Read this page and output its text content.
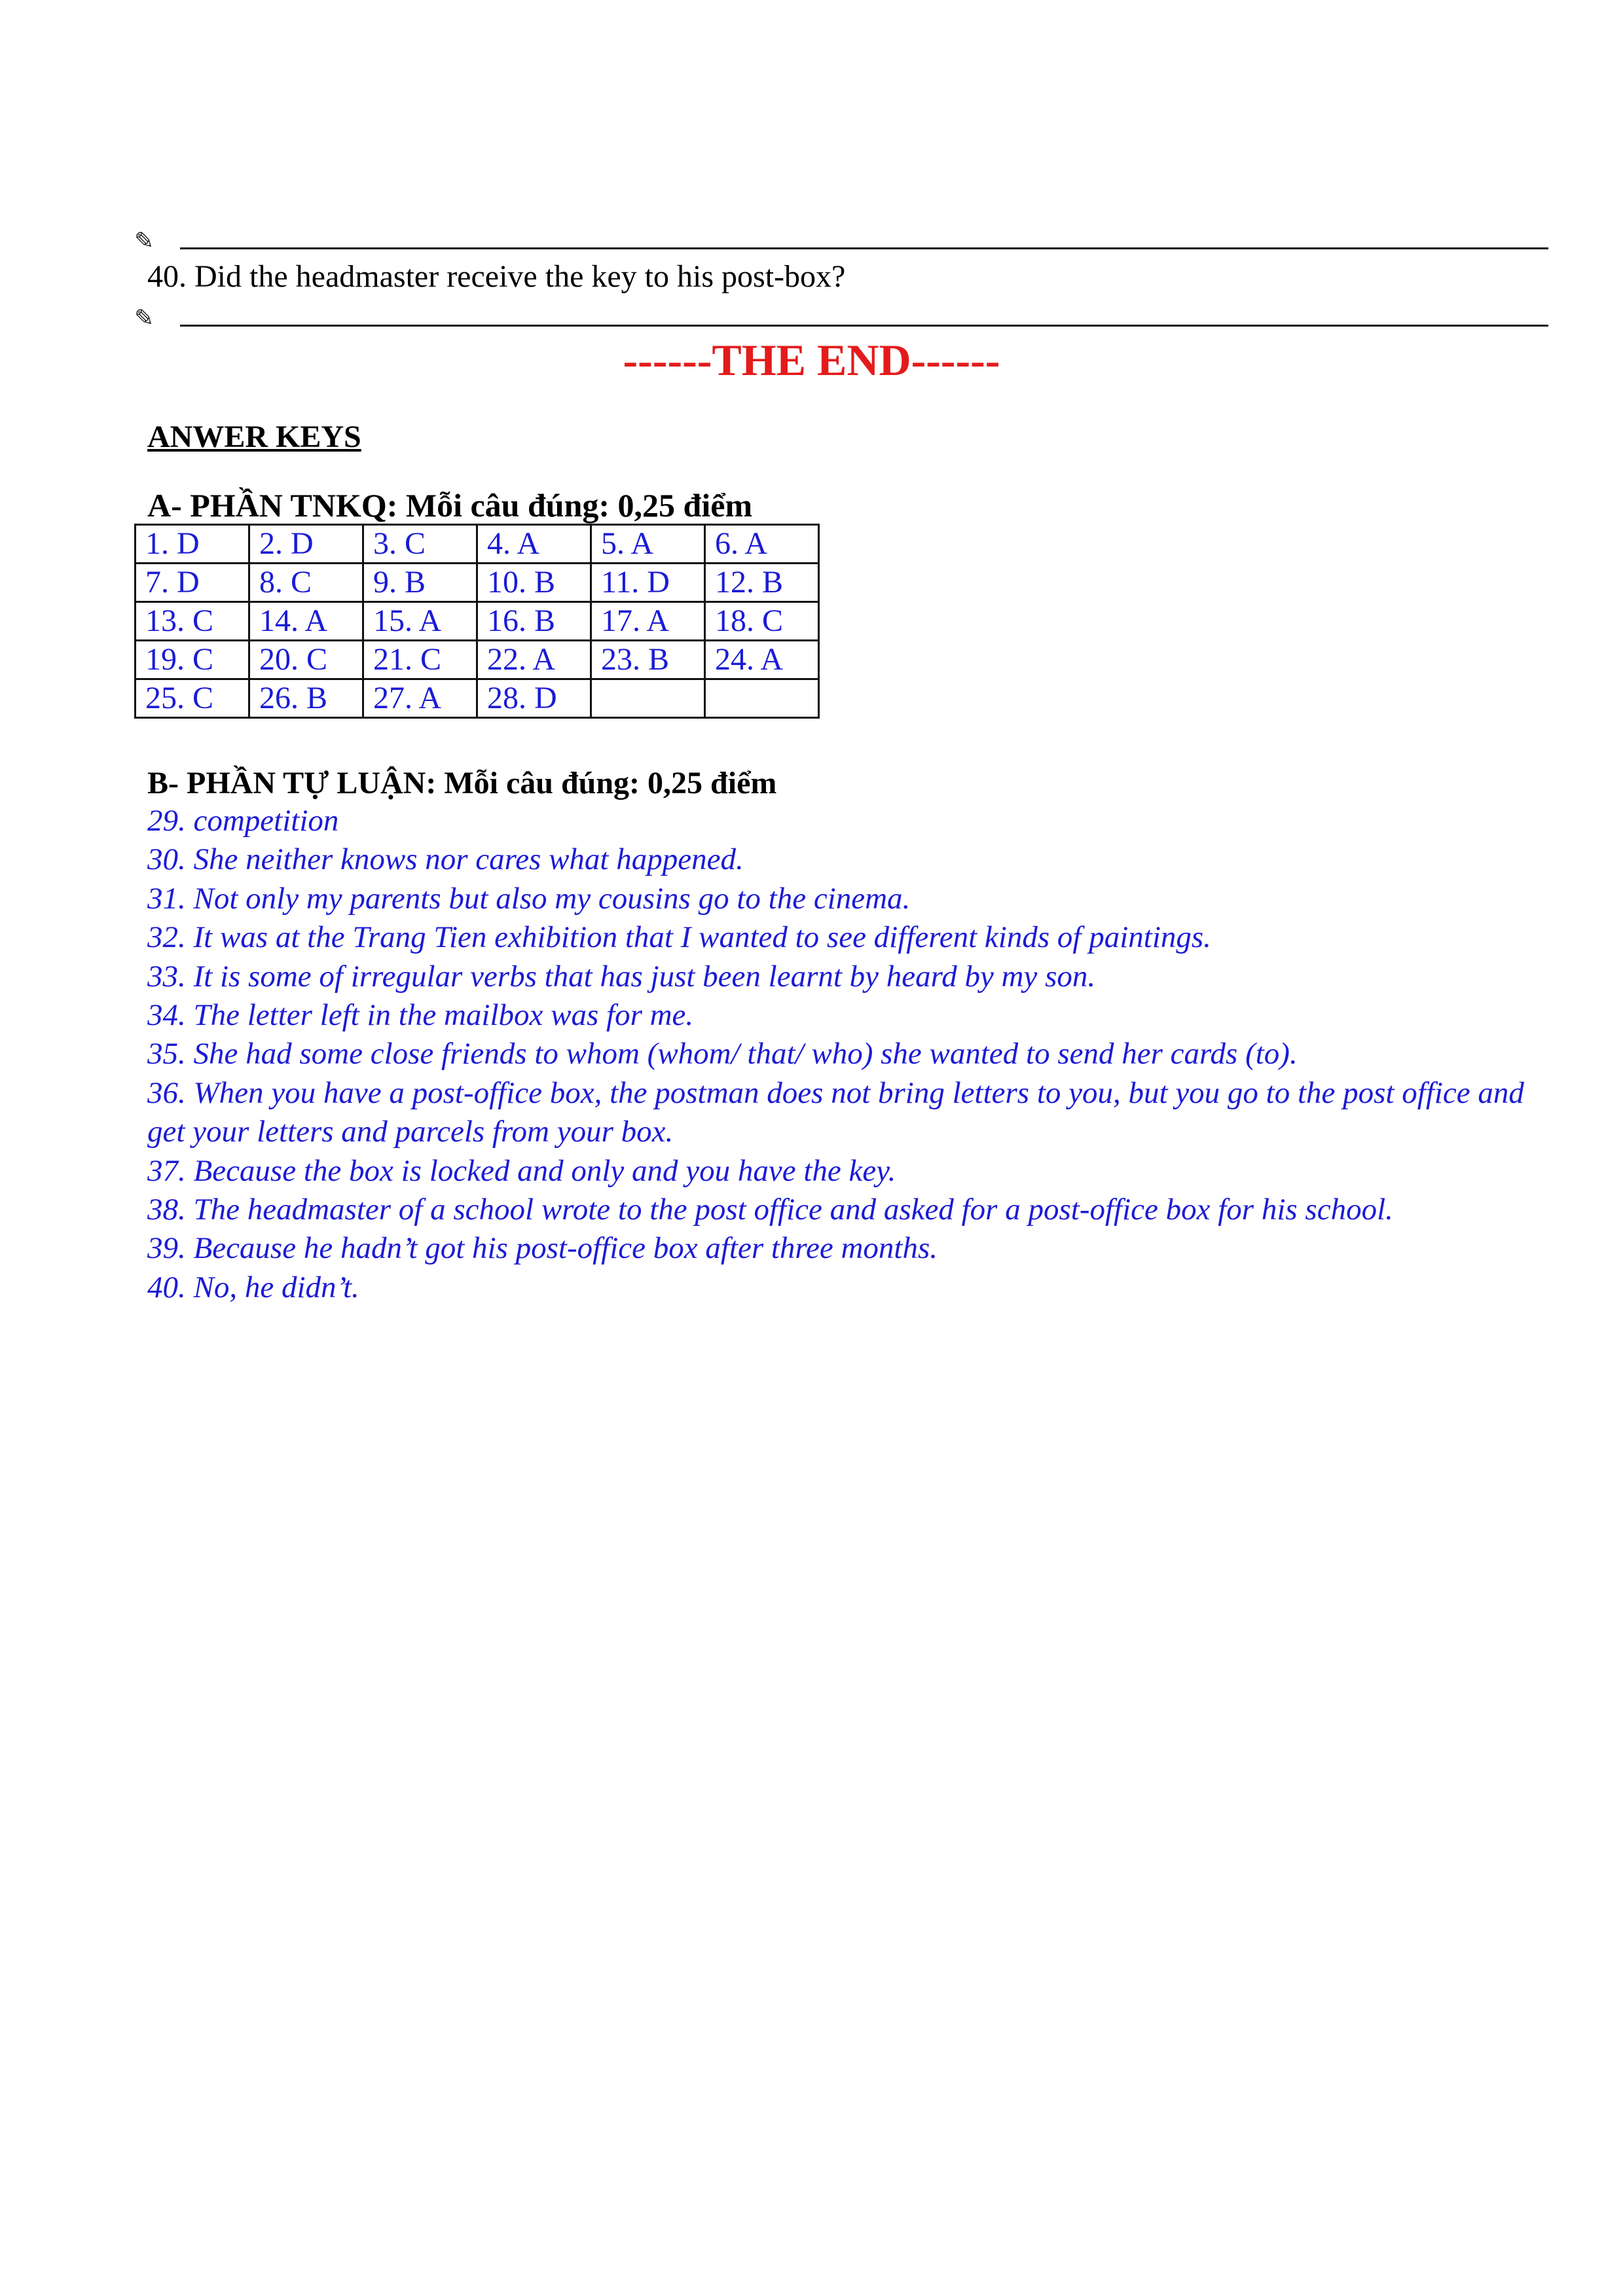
✎
40. Did the headmaster receive the key to his post-box?
✎
------THE END------
ANWER KEYS
A- PHẦN TNKQ: Mỗi câu đúng: 0,25 điểm
1. D	2. D	3. C	4. A	5. A	6. A
7. D	8. C	9. B	10. B	11. D	12. B
13. C	14. A	15. A	16. B	17. A	18. C
19. C	20. C	21. C	22. A	23. B	24. A
25. C	26. B	27. A	28. D		
B- PHẦN TỰ LUẬN: Mỗi câu đúng: 0,25 điểm
29. competition
30. She neither knows nor cares what happened.
31. Not only my parents but also my cousins go to the cinema.
32. It was at the Trang Tien exhibition that I wanted to see different kinds of paintings.
33. It is some of irregular verbs that has just been learnt by heard by my son.
34. The letter left in the mailbox was for me.
35. She had some close friends to whom (whom/ that/ who) she wanted to send her cards (to).
36. When you have a post-office box, the postman does not bring letters to you, but you go to the post office and get your letters and parcels from your box.
37. Because the box is locked and only and you have the key.
38. The headmaster of a school wrote to the post office and asked for a post-office box for his school.
39. Because he hadn’t got his post-office box after three months.
40. No, he didn’t.
